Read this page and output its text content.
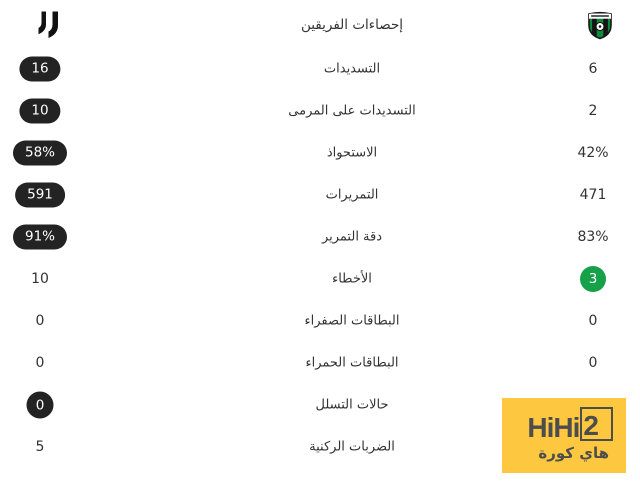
إحصاءات الفريقين
16	التسديدات	6
10	التسديدات على المرمى	2
58%	الاستحواذ	42%
591	التمريرات	471
91%	دقة التمرير	83%
10	الأخطاء	3
0	البطاقات الصفراء	0
0	البطاقات الحمراء	0
0	حالات التسلل
5	الضربات الركنية
HiHi 2
هاي كورة
